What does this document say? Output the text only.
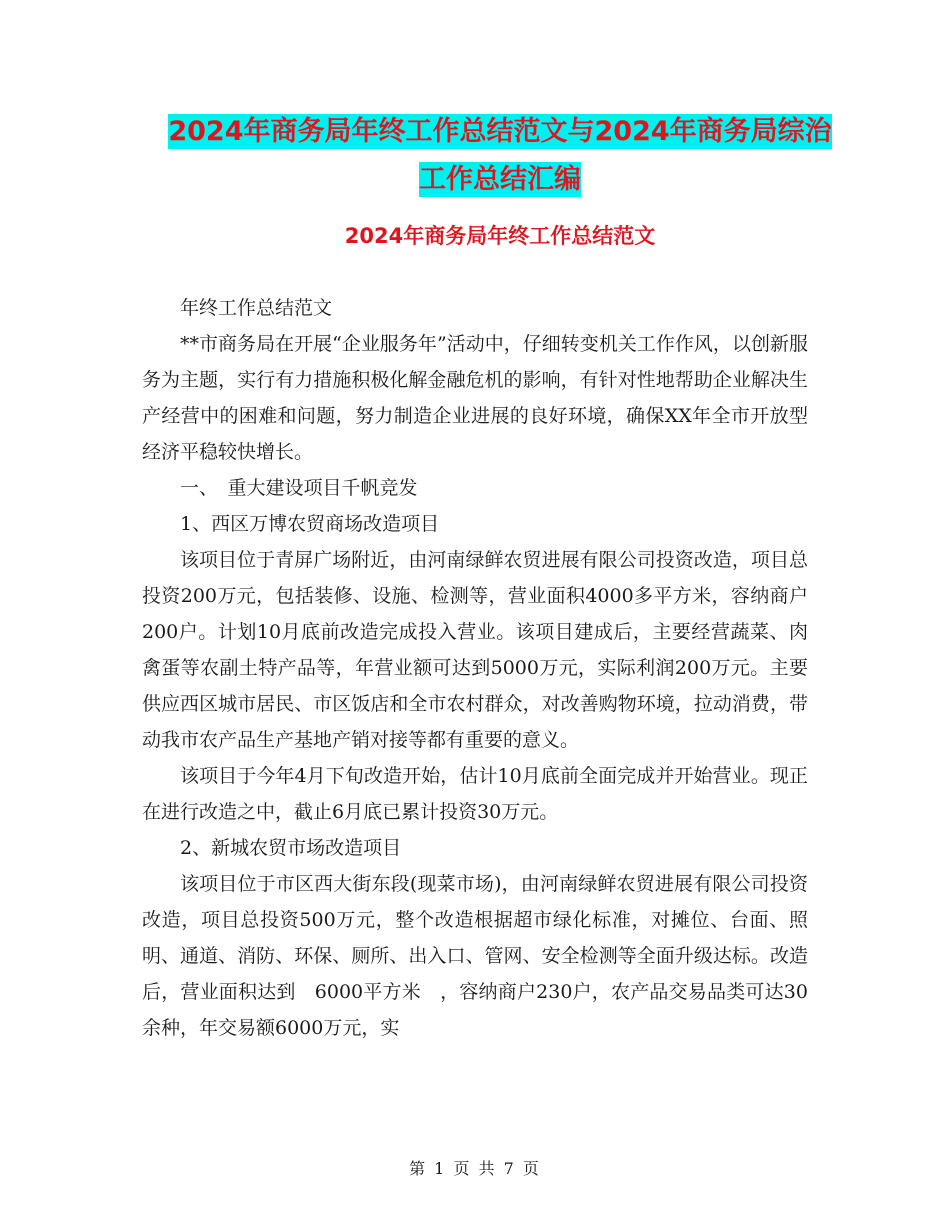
2024年商务局年终工作总结范文与2024年商务局综治
工作总结汇编
2024年商务局年终工作总结范文

年终工作总结范文

**市商务局在开展“企业服务年”活动中，仔细转变机关工作作风，以创新服务为主题，实行有力措施积极化解金融危机的影响，有针对性地帮助企业解决生产经营中的困难和问题，努力制造企业进展的良好环境，确保XX年全市开放型经济平稳较快增长。

一、　重大建设项目千帆竞发

1、西区万博农贸商场改造项目

该项目位于青屏广场附近，由河南绿鲜农贸进展有限公司投资改造，项目总投资200万元，包括装修、设施、检测等，营业面积4000多平方米，容纳商户200户。计划10月底前改造完成投入营业。该项目建成后，主要经营蔬菜、肉禽蛋等农副土特产品等，年营业额可达到5000万元，实际利润200万元。主要供应西区城市居民、市区饭店和全市农村群众，对改善购物环境，拉动消费，带动我市农产品生产基地产销对接等都有重要的意义。

该项目于今年4月下旬改造开始，估计10月底前全面完成并开始营业。现正在进行改造之中，截止6月底已累计投资30万元。

2、新城农贸市场改造项目

该项目位于市区西大街东段(现菜市场)，由河南绿鲜农贸进展有限公司投资改造，项目总投资500万元，整个改造根据超市绿化标准，对摊位、台面、照明、通道、消防、环保、厕所、出入口、管网、安全检测等全面升级达标。改造后，营业面积达到　6000平方米　，容纳商户230户，农产品交易品类可达30余种，年交易额6000万元，实

第 1 页 共 7 页
